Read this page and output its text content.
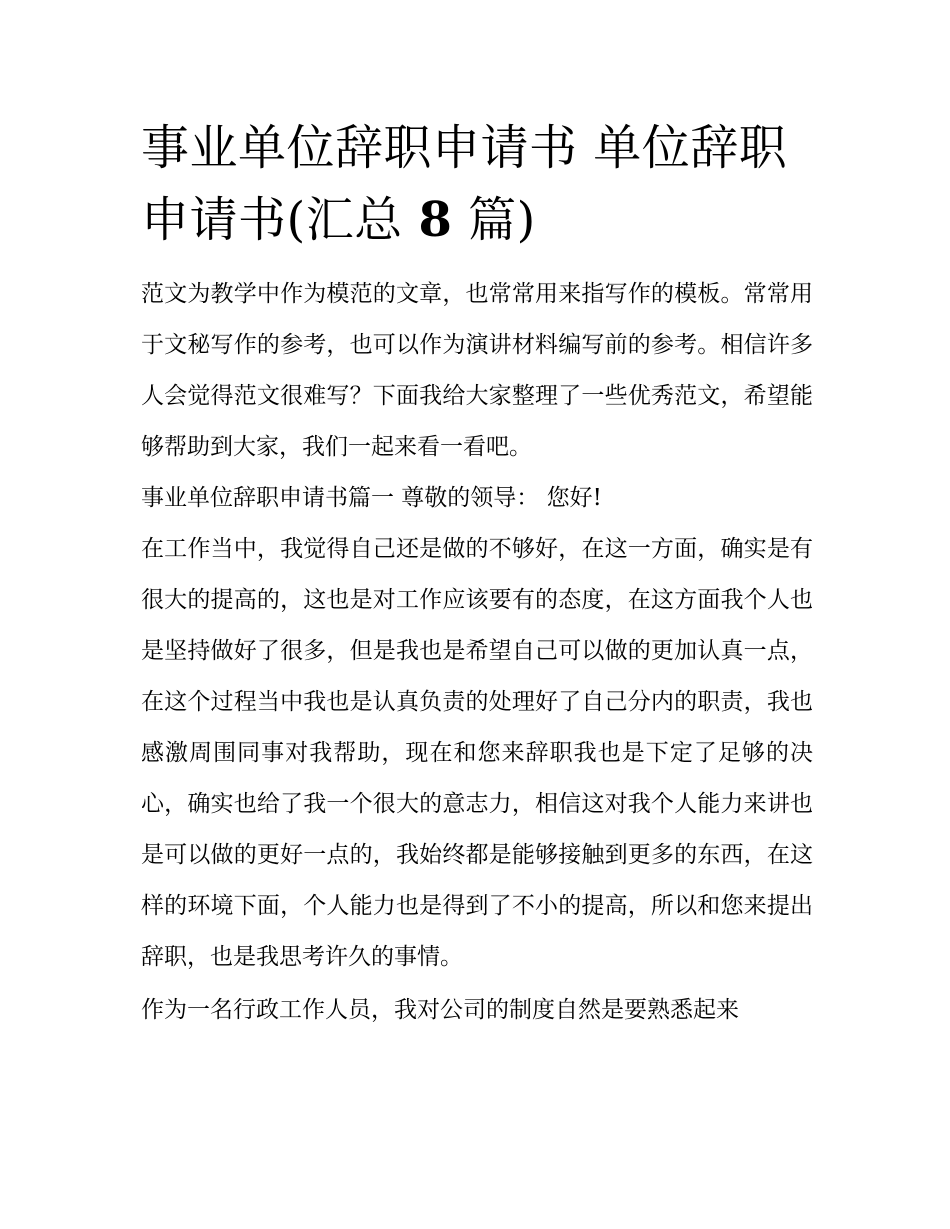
事业单位辞职申请书 单位辞职申请书(汇总 8 篇)

范文为教学中作为模范的文章，也常常用来指写作的模板。常常用于文秘写作的参考，也可以作为演讲材料编写前的参考。相信许多人会觉得范文很难写？下面我给大家整理了一些优秀范文，希望能够帮助到大家，我们一起来看一看吧。

事业单位辞职申请书篇一 尊敬的领导： 您好!

在工作当中，我觉得自己还是做的不够好，在这一方面，确实是有很大的提高的，这也是对工作应该要有的态度，在这方面我个人也是坚持做好了很多，但是我也是希望自己可以做的更加认真一点，在这个过程当中我也是认真负责的处理好了自己分内的职责，我也感激周围同事对我帮助，现在和您来辞职我也是下定了足够的决心，确实也给了我一个很大的意志力，相信这对我个人能力来讲也是可以做的更好一点的，我始终都是能够接触到更多的东西，在这样的环境下面，个人能力也是得到了不小的提高，所以和您来提出辞职，也是我思考许久的事情。

作为一名行政工作人员，我对公司的制度自然是要熟悉起来
